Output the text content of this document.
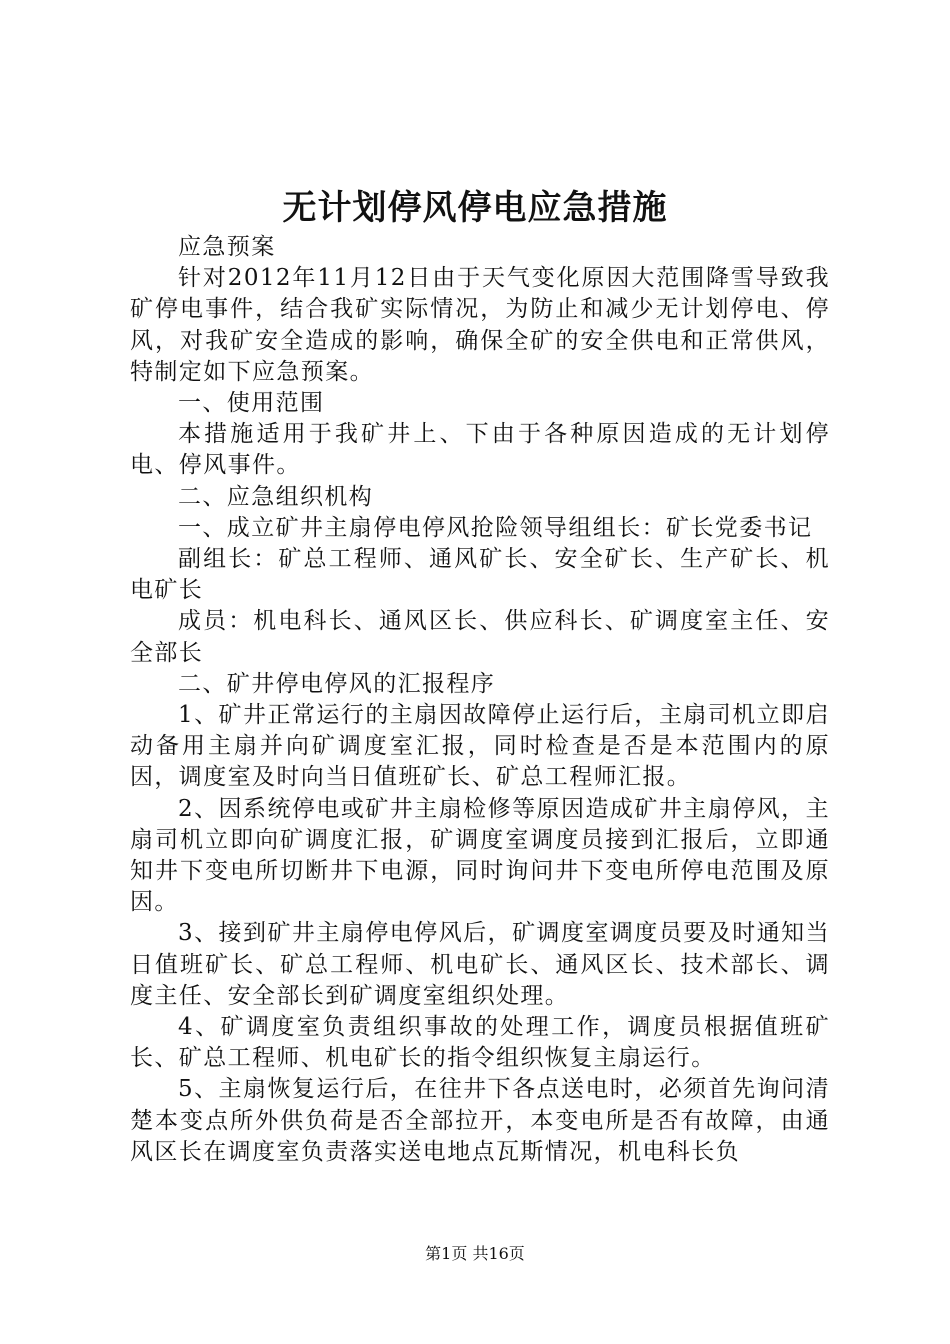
无计划停风停电应急措施

应急预案

针对2012年11月12日由于天气变化原因大范围降雪导致我矿停电事件，结合我矿实际情况，为防止和减少无计划停电、停风，对我矿安全造成的影响，确保全矿的安全供电和正常供风，特制定如下应急预案。

一、使用范围

本措施适用于我矿井上、下由于各种原因造成的无计划停电、停风事件。

二、应急组织机构

一、成立矿井主扇停电停风抢险领导组组长：矿长党委书记

副组长：矿总工程师、通风矿长、安全矿长、生产矿长、机电矿长

成员：机电科长、通风区长、供应科长、矿调度室主任、安全部长

二、矿井停电停风的汇报程序

1、矿井正常运行的主扇因故障停止运行后，主扇司机立即启动备用主扇并向矿调度室汇报，同时检查是否是本范围内的原因，调度室及时向当日值班矿长、矿总工程师汇报。

2、因系统停电或矿井主扇检修等原因造成矿井主扇停风，主扇司机立即向矿调度汇报，矿调度室调度员接到汇报后，立即通知井下变电所切断井下电源，同时询问井下变电所停电范围及原因。

3、接到矿井主扇停电停风后，矿调度室调度员要及时通知当日值班矿长、矿总工程师、机电矿长、通风区长、技术部长、调度主任、安全部长到矿调度室组织处理。

4、矿调度室负责组织事故的处理工作，调度员根据值班矿长、矿总工程师、机电矿长的指令组织恢复主扇运行。

5、主扇恢复运行后，在往井下各点送电时，必须首先询问清楚本变点所外供负荷是否全部拉开，本变电所是否有故障，由通风区长在调度室负责落实送电地点瓦斯情况，机电科长负

第1页 共16页
